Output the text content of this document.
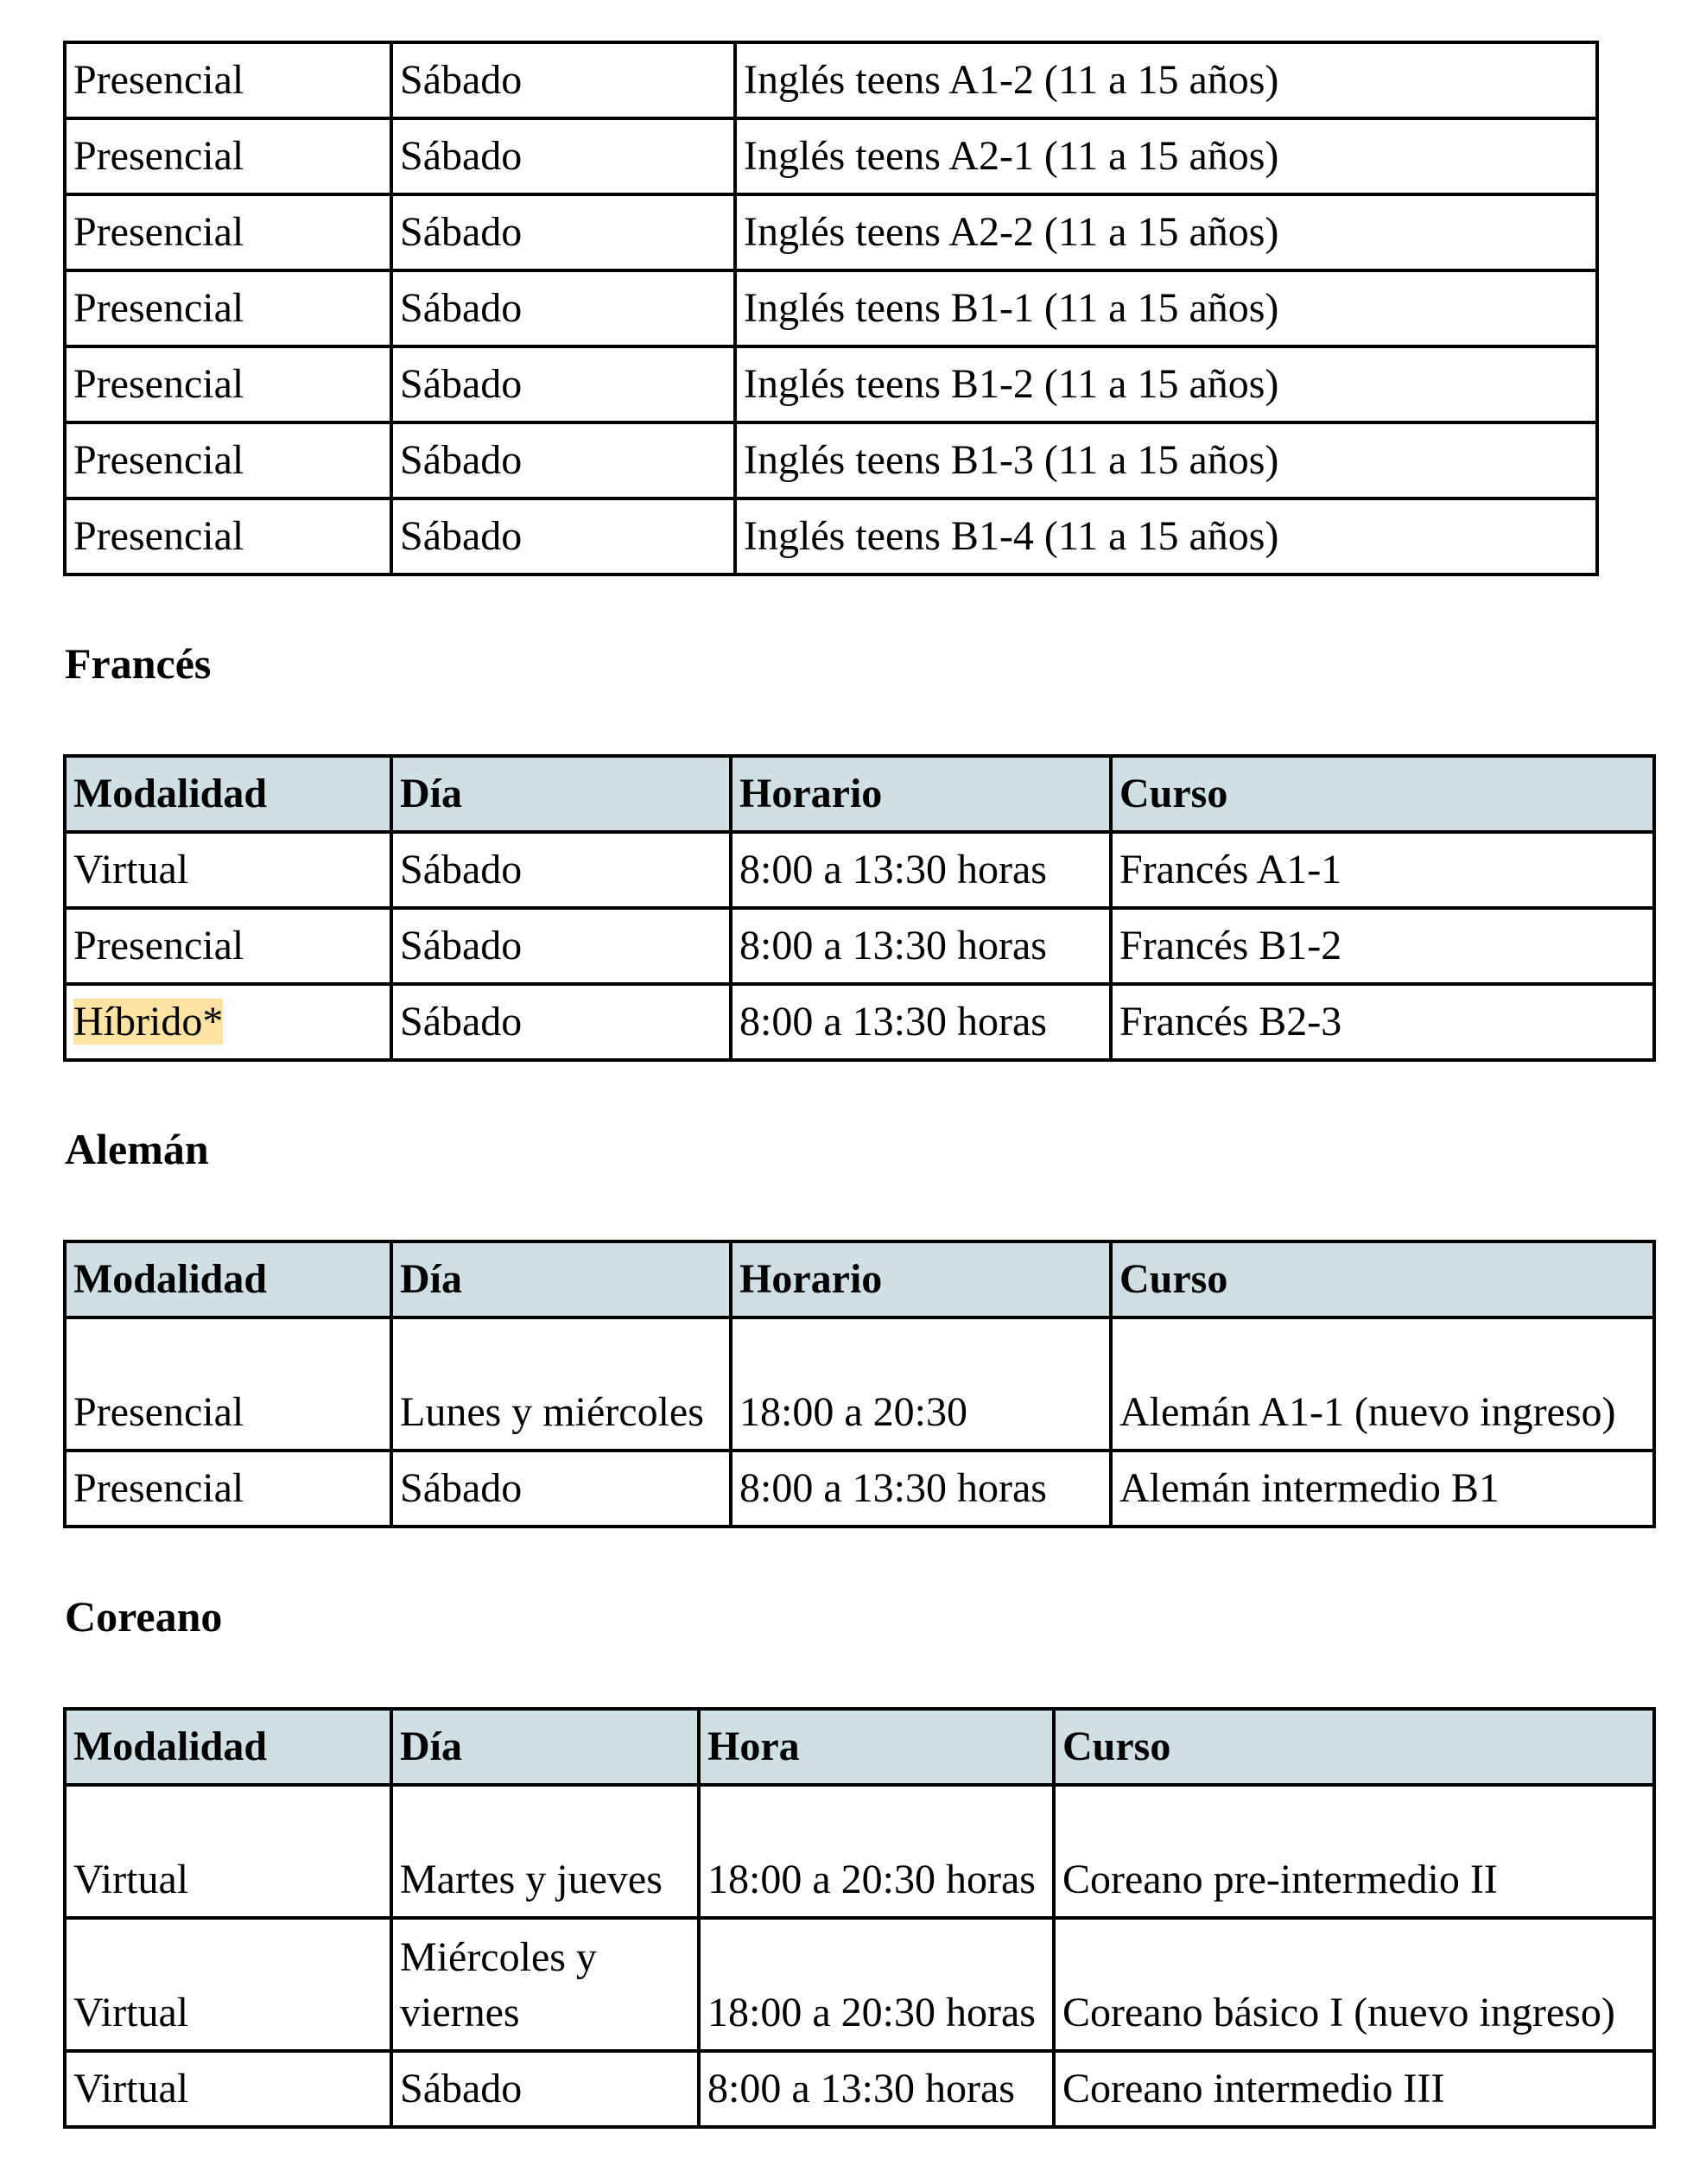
Presencial	Sábado	Inglés teens A1-2 (11 a 15 años)
Presencial	Sábado	Inglés teens A2-1 (11 a 15 años)
Presencial	Sábado	Inglés teens A2-2 (11 a 15 años)
Presencial	Sábado	Inglés teens B1-1 (11 a 15 años)
Presencial	Sábado	Inglés teens B1-2 (11 a 15 años)
Presencial	Sábado	Inglés teens B1-3 (11 a 15 años)
Presencial	Sábado	Inglés teens B1-4 (11 a 15 años)
Francés
Modalidad	Día	Horario	Curso
Virtual	Sábado	8:00 a 13:30 horas	Francés A1-1
Presencial	Sábado	8:00 a 13:30 horas	Francés B1-2
Híbrido*	Sábado	8:00 a 13:30 horas	Francés B2-3
Alemán
Modalidad	Día	Horario	Curso
Presencial	Lunes y miércoles	18:00 a 20:30	Alemán A1-1 (nuevo ingreso)
Presencial	Sábado	8:00 a 13:30 horas	Alemán intermedio B1
Coreano
Modalidad	Día	Hora	Curso
Virtual	Martes y jueves	18:00 a 20:30 horas	Coreano pre-intermedio II
Virtual	Miércoles y viernes	18:00 a 20:30 horas	Coreano básico I (nuevo ingreso)
Virtual	Sábado	8:00 a 13:30 horas	Coreano intermedio III
